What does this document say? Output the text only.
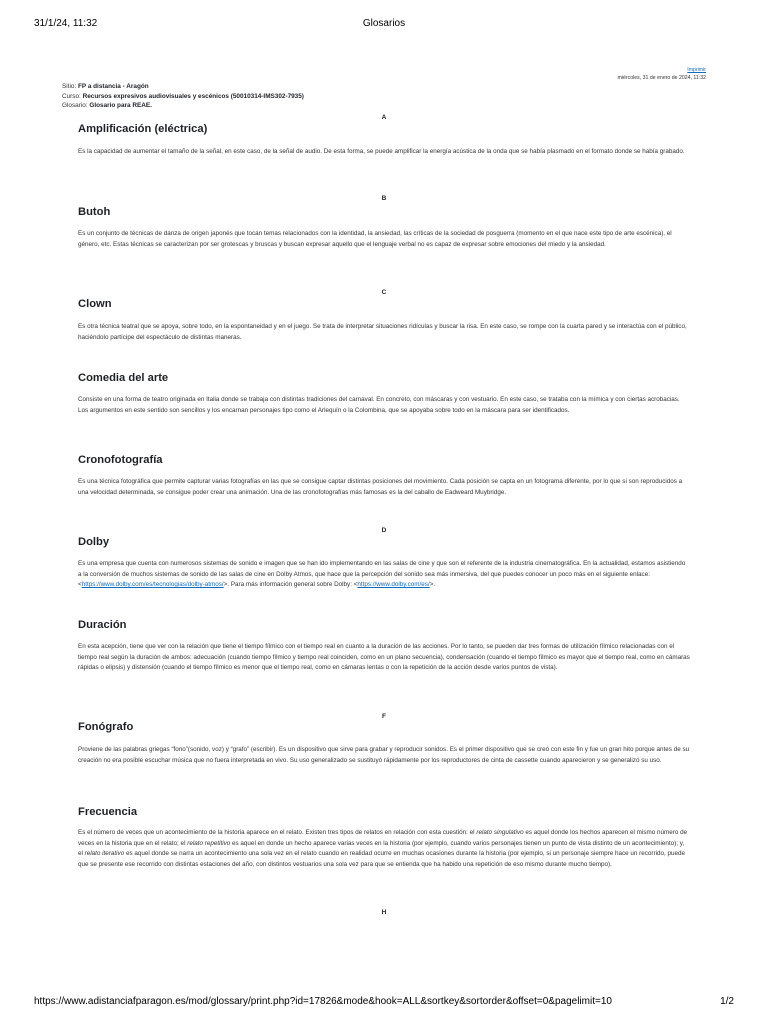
31/1/24, 11:32	Glosarios
Imprimir
miércoles, 31 de enero de 2024, 11:32
Sitio: FP a distancia - Aragón
Curso: Recursos expresivos audiovisuales y escénicos (50010314-IMS302-7935)
Glosario: Glosario para REAE.
A
Amplificación (eléctrica)

Es la capacidad de aumentar el tamaño de la señal, en este caso, de la señal de audio. De esta forma, se puede amplificar la energía acústica de la onda que se había plasmado en el formato donde se había grabado.

B
Butoh

Es un conjunto de técnicas de danza de origen japonés que tocan temas relacionados con la identidad, la ansiedad, las críticas de la sociedad de posguerra (momento en el que nace este tipo de arte escénica), el género, etc. Estas técnicas se caracterizan por ser grotescas y bruscas y buscan expresar aquello que el lenguaje verbal no es capaz de expresar sobre emociones del miedo y la ansiedad.

C
Clown

Es otra técnica teatral que se apoya, sobre todo, en la espontaneidad y en el juego. Se trata de interpretar situaciones ridículas y buscar la risa. En este caso, se rompe con la cuarta pared y se interactúa con el público, haciéndolo partícipe del espectáculo de distintas maneras.

Comedia del arte

Consiste en una forma de teatro originada en Italia donde se trabaja con distintas tradiciones del carnaval. En concreto, con máscaras y con vestuario. En este caso, se trataba con la mímica y con ciertas acrobacias. Los argumentos en este sentido son sencillos y los encarnan personajes tipo como el Arlequín o la Colombina, que se apoyaba sobre todo en la máscara para ser identificados.

Cronofotografía

Es una técnica fotográfica que permite capturar varias fotografías en las que se consigue captar distintas posiciones del movimiento. Cada posición se capta en un fotograma diferente, por lo que si son reproducidos a una velocidad determinada, se consigue poder crear una animación. Una de las cronofotografías más famosas es la del caballo de Eadweard Muybridge.

D
Dolby

Es una empresa que cuenta con numerosos sistemas de sonido e imagen que se han ido implementando en las salas de cine y que son el referente de la industria cinematográfica. En la actualidad, estamos asistiendo a la conversión de muchos sistemas de sonido de las salas de cine en Dolby Atmos, que hace que la percepción del sonido sea más inmersiva, del que puedes conocer un poco más en el siguiente enlace: <https://www.dolby.com/es/tecnologias/dolby-atmos/>. Para más información general sobre Dolby: <https://www.dolby.com/es/>.

Duración

En esta acepción, tiene que ver con la relación que tiene el tiempo fílmico con el tiempo real en cuanto a la duración de las acciones. Por lo tanto, se pueden dar tres formas de utilización fílmico relacionadas con el tiempo real según la duración de ambos: adecuación (cuando tiempo fílmico y tiempo real coinciden, como en un plano secuencia), condensación (cuando el tiempo fílmico es mayor que el tiempo real, como en cámaras rápidas o elipsis) y distensión (cuando el tiempo fílmico es menor que el tiempo real, como en cámaras lentas o con la repetición de la acción desde varios puntos de vista).

F
Fonógrafo

Proviene de las palabras griegas “fono”(sonido, voz) y “grafo” (escribir). Es un dispositivo que sirve para grabar y reproducir sonidos. Es el primer dispositivo que se creó con este fin y fue un gran hito porque antes de su creación no era posible escuchar música que no fuera interpretada en vivo. Su uso generalizado se sustituyó rápidamente por los reproductores de cinta de cassette cuando aparecieron y se generalizó su uso.

Frecuencia

Es el número de veces que un acontecimiento de la historia aparece en el relato. Existen tres tipos de relatos en relación con esta cuestión: el relato singulativo es aquel donde los hechos aparecen el mismo número de veces en la historia que en el relato; el relato repetitivo es aquel en donde un hecho aparece varias veces en la historia (por ejemplo, cuando varios personajes tienen un punto de vista distinto de un acontecimiento); y, el relato iterativo es aquel donde se narra un acontecimiento una sola vez en el relato cuando en realidad ocurre en muchas ocasiones durante la historia (por ejemplo, si un personaje siempre hace un recorrido, puede que se presente ese recorrido con distintas estaciones del año, con distintos vestuarios una sola vez para que se entienda que ha habido una repetición de eso mismo durante mucho tiempo).

H
https://www.adistanciafparagon.es/mod/glossary/print.php?id=17826&mode&hook=ALL&sortkey&sortorder&offset=0&pagelimit=10	1/2
